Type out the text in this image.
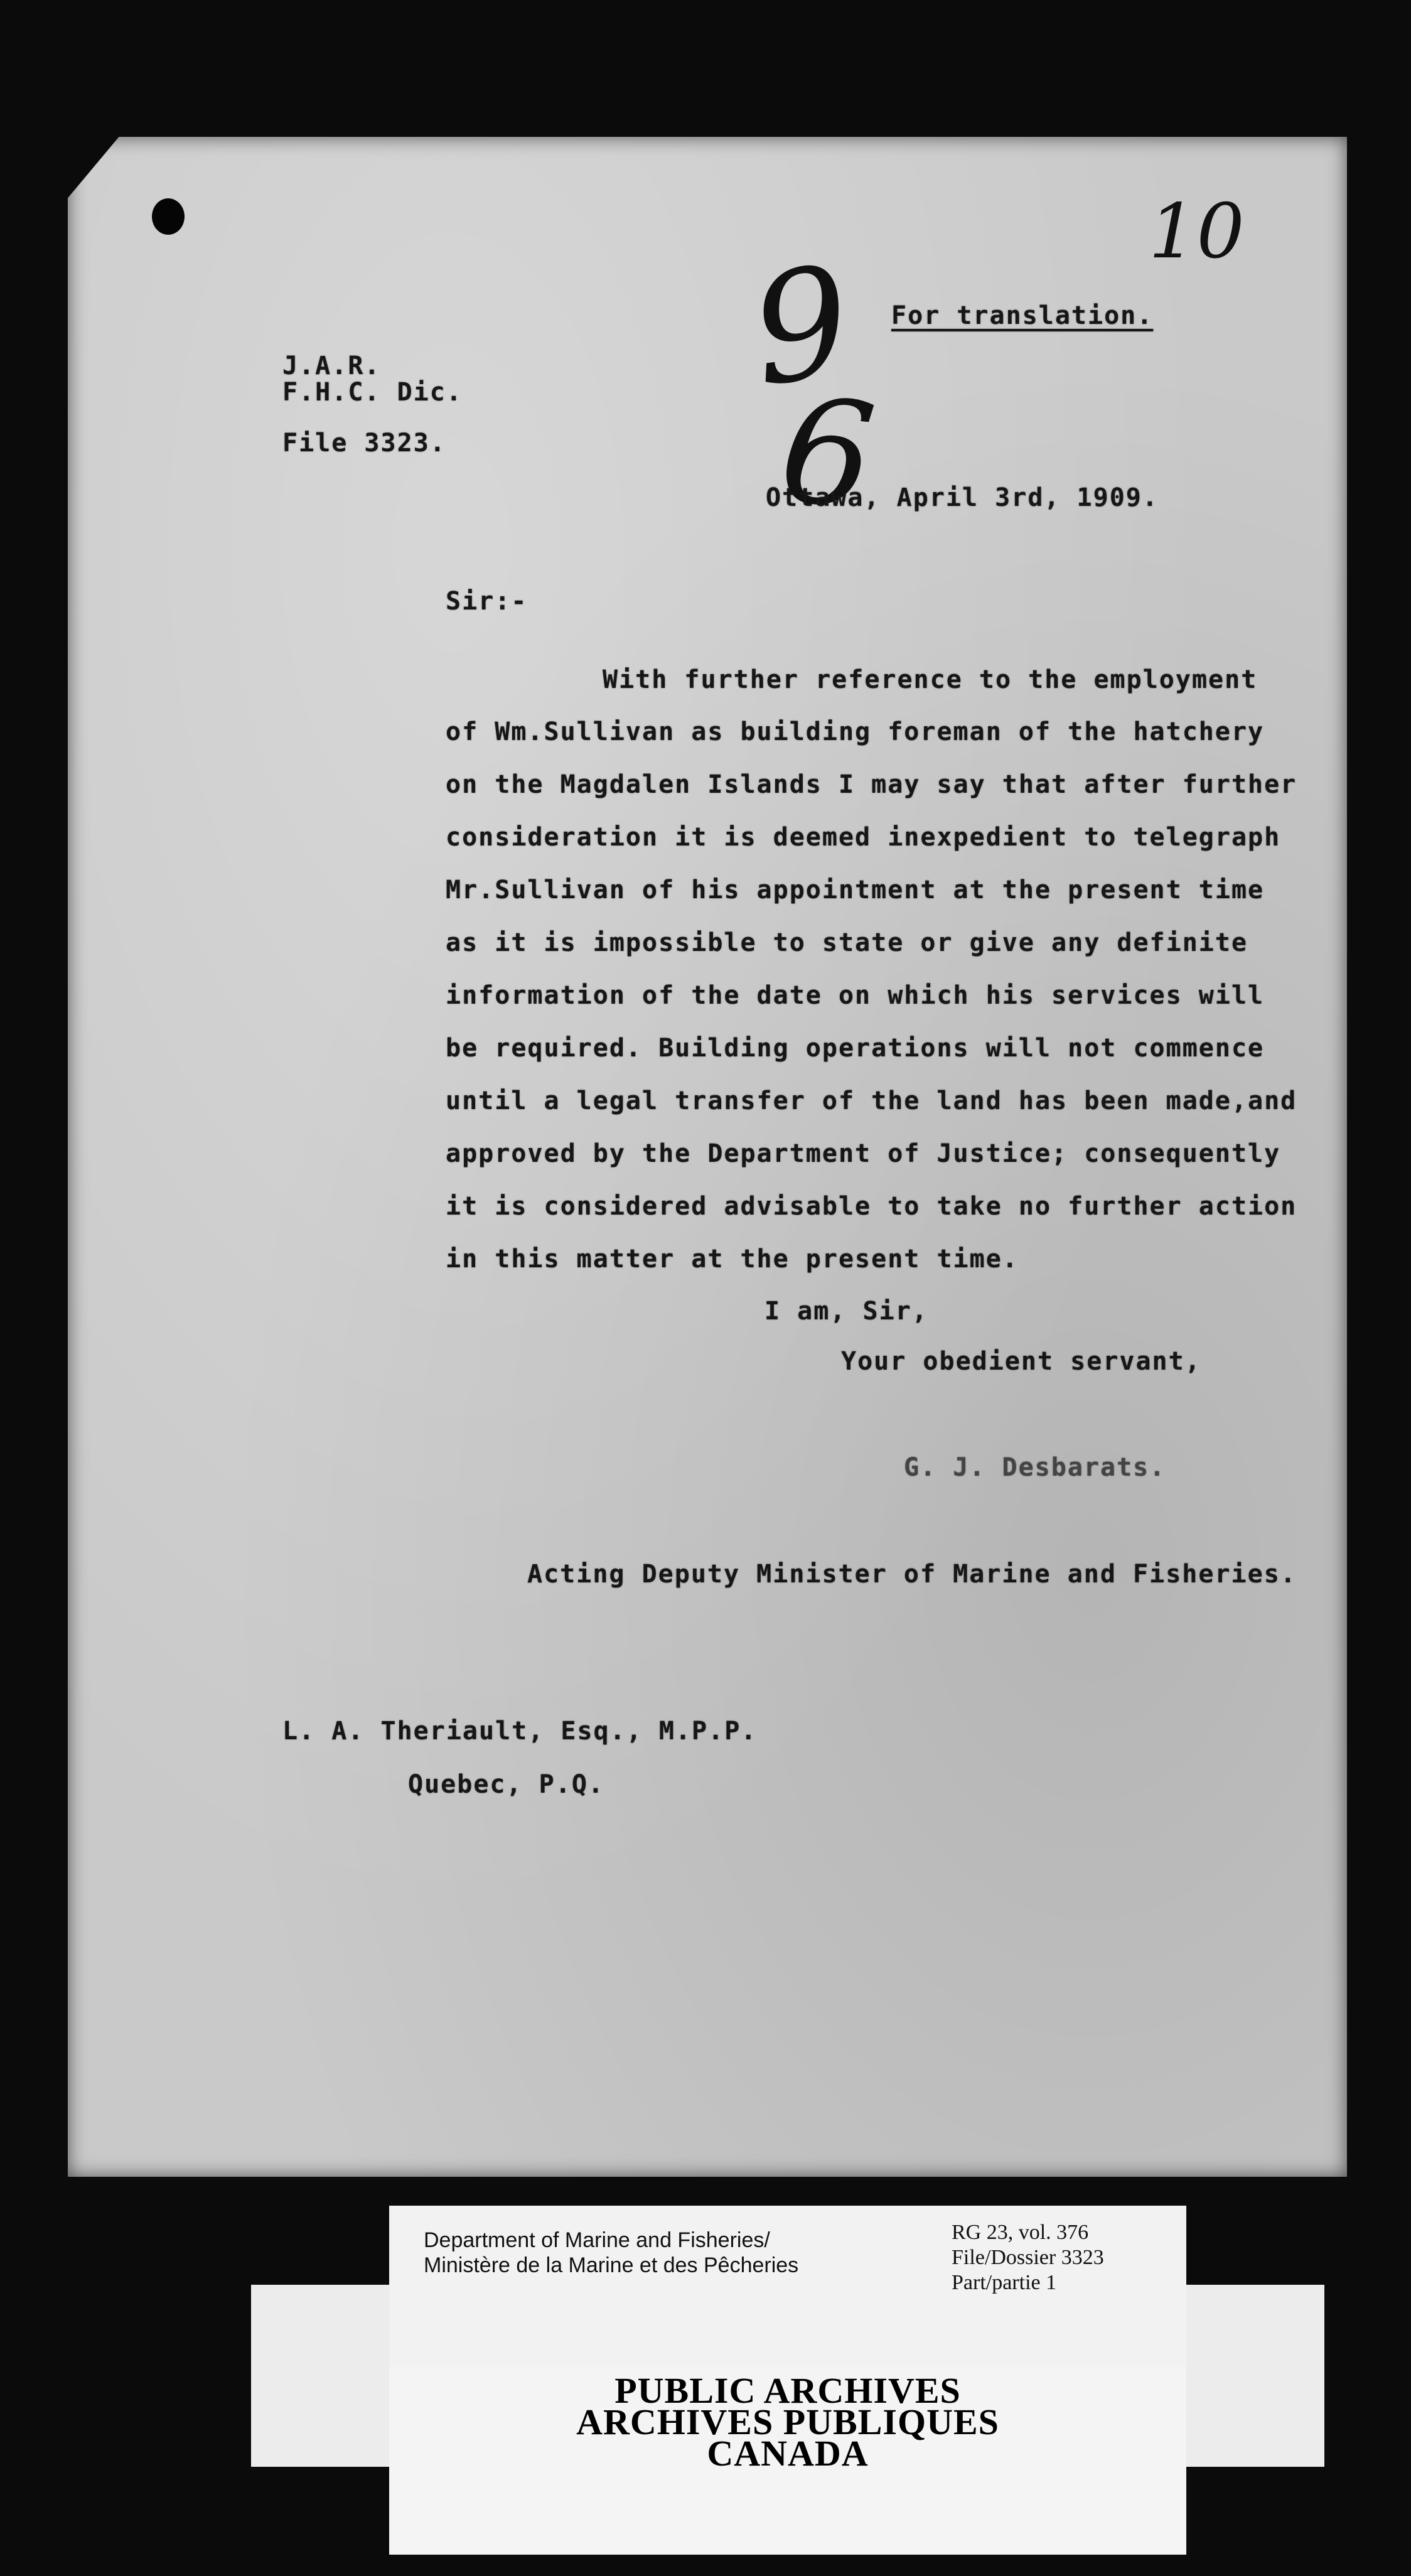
10
9
6
For translation.
J.A.R.
F.H.C. Dic.
File 3323.
Ottawa, April 3rd, 1909.
Sir:-
With further reference to the employment
of Wm.Sullivan as building foreman of the hatchery
on the Magdalen Islands I may say that after further
consideration it is deemed inexpedient to telegraph
Mr.Sullivan of his appointment at the present time
as it is impossible to state or give any definite
information of the date on which his services will
be required. Building operations will not commence
until a legal transfer of the land has been made,and
approved by the Department of Justice; consequently
it is considered advisable to take no further action
in this matter at the present time.
I am, Sir,
Your obedient servant,
G. J. Desbarats.
Acting Deputy Minister of Marine and Fisheries.
L. A. Theriault, Esq., M.P.P.
Quebec, P.Q.
Department of Marine and Fisheries/
Ministère de la Marine et des Pêcheries
RG 23, vol. 376
File/Dossier 3323
Part/partie 1
PUBLIC ARCHIVES
ARCHIVES PUBLIQUES
CANADA
